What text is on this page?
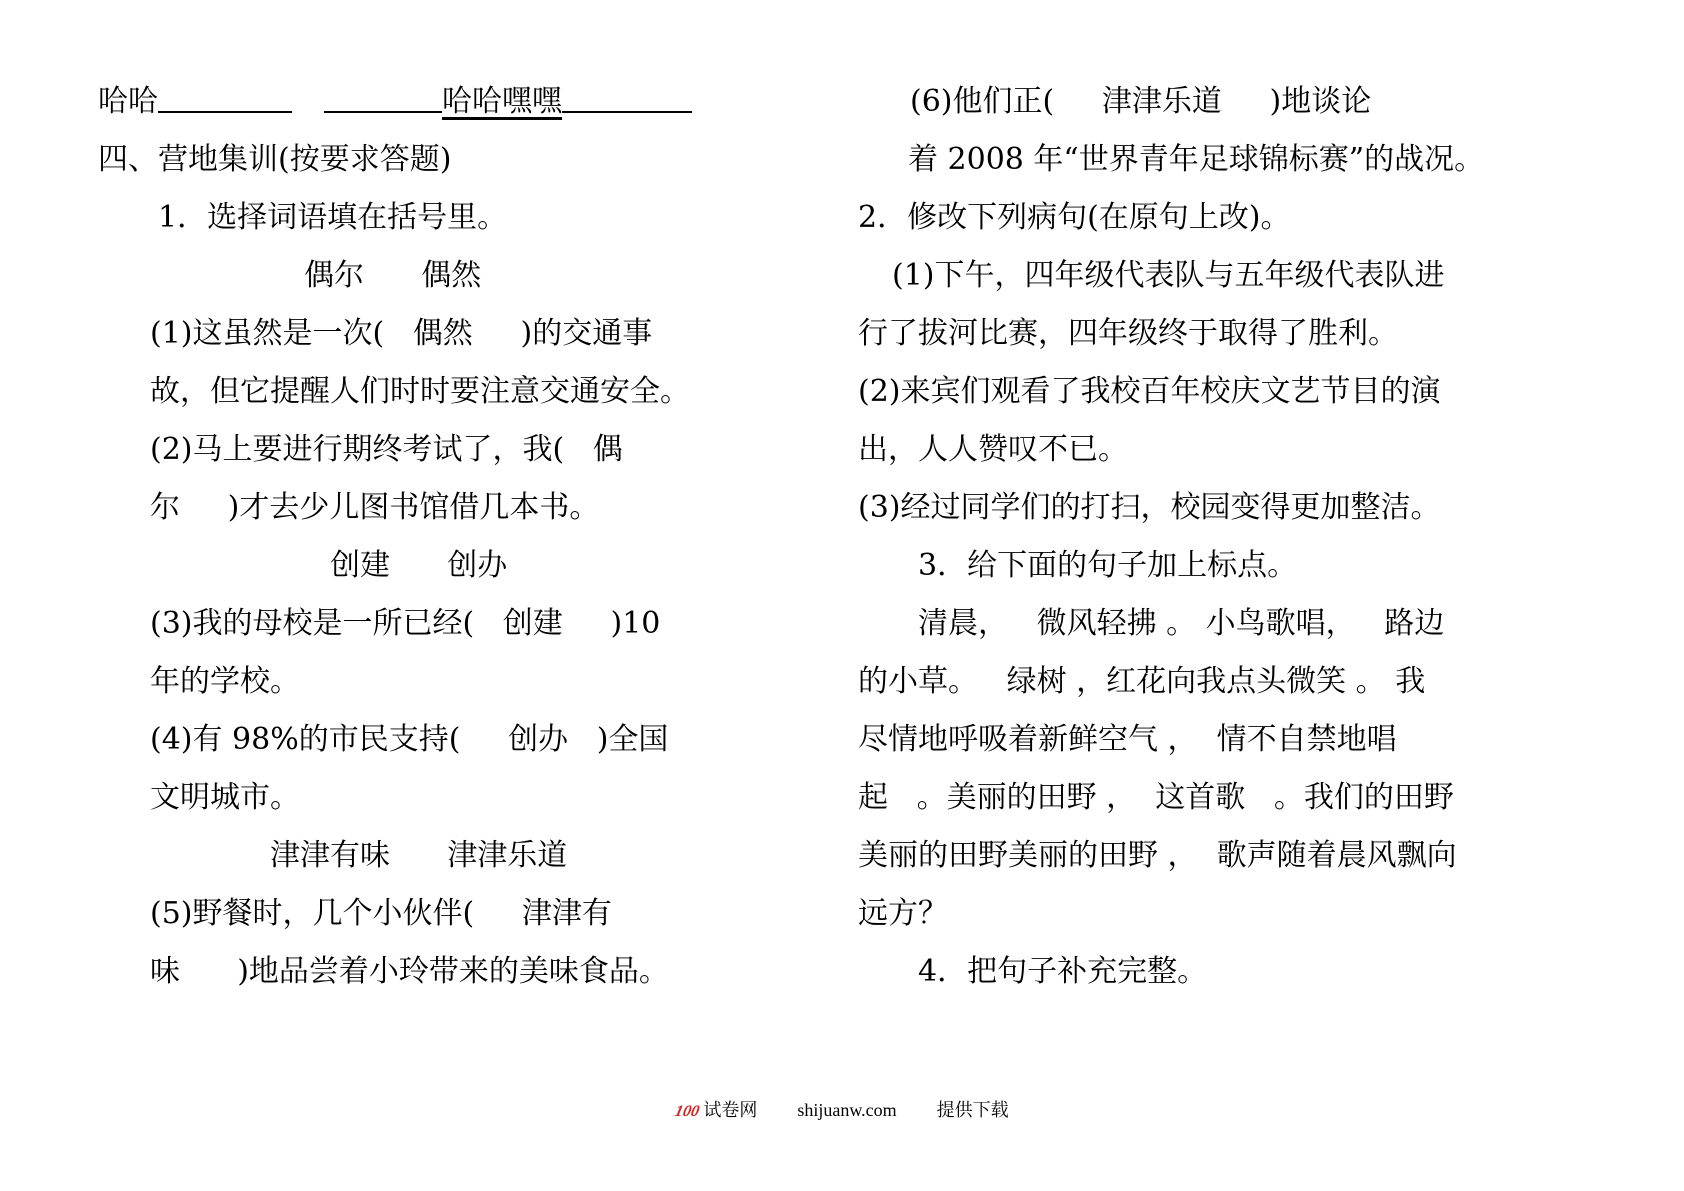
哈哈	哈哈嘿嘿
四、营地集训(按要求答题)
1．选择词语填在括号里。
偶尔      偶然
(1)这虽然是一次(   偶然     )的交通事
故，但它提醒人们时时要注意交通安全。
(2)马上要进行期终考试了，我(   偶
尔     )才去少儿图书馆借几本书。
创建      创办
(3)我的母校是一所已经(   创建     )10
年的学校。
(4)有 98%的市民支持(     创办   )全国
文明城市。
津津有味      津津乐道
(5)野餐时，几个小伙伴(     津津有
味      )地品尝着小玲带来的美味食品。
(6)他们正(     津津乐道     )地谈论
着 2008 年“世界青年足球锦标赛”的战况。
2．修改下列病句(在原句上改)。
(1)下午，四年级代表队与五年级代表队进
行了拔河比赛，四年级终于取得了胜利。
(2)来宾们观看了我校百年校庆文艺节目的演
出，人人赞叹不已。
(3)经过同学们的打扫，校园变得更加整洁。
3．给下面的句子加上标点。
清晨，   微风轻拂 。 小鸟歌唱，   路边
的小草。   绿树 ，红花向我点头微笑 。 我
尽情地呼吸着新鲜空气 ，  情不自禁地唱
起   。美丽的田野 ，  这首歌   。我们的田野
美丽的田野美丽的田野 ，  歌声随着晨风飘向
远方？
4．把句子补充完整。
100 试卷网 shijuanw.com 提供下载
